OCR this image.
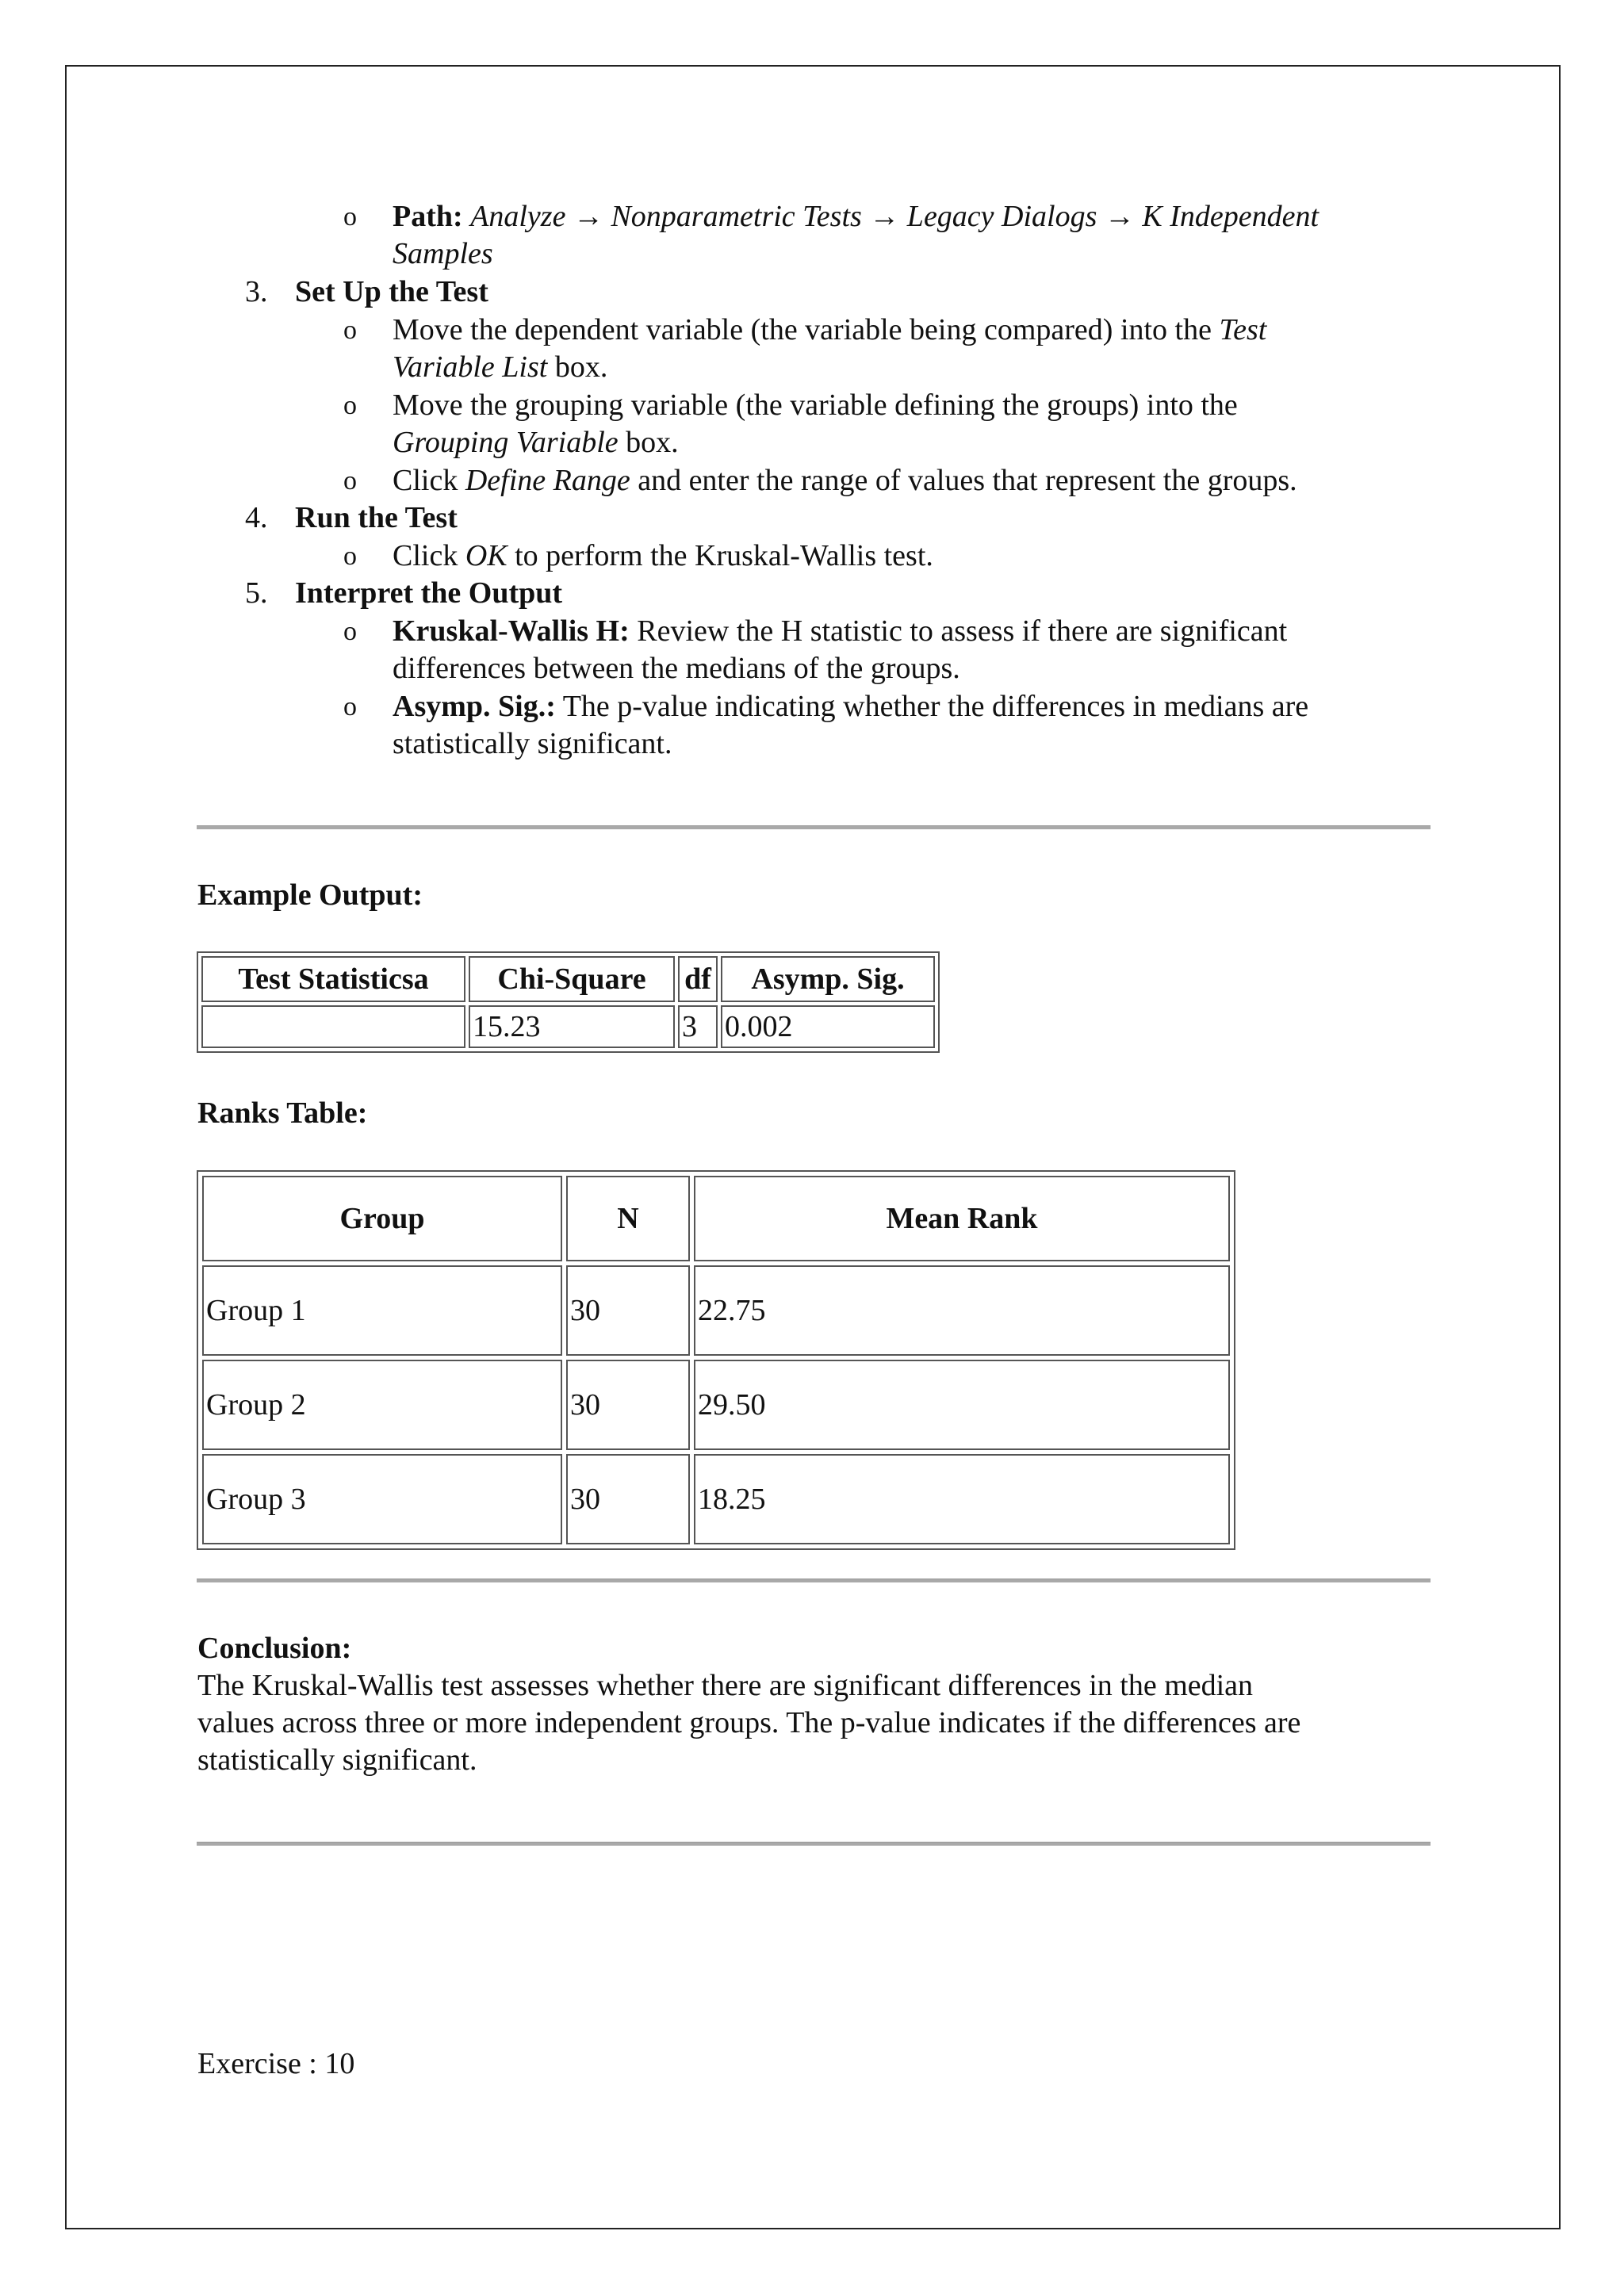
o Path: Analyze → Nonparametric Tests → Legacy Dialogs → K Independent
Samples
3. Set Up the Test
o Move the dependent variable (the variable being compared) into the Test
Variable List box.
o Move the grouping variable (the variable defining the groups) into the
Grouping Variable box.
o Click Define Range and enter the range of values that represent the groups.
4. Run the Test
o Click OK to perform the Kruskal-Wallis test.
5. Interpret the Output
o Kruskal-Wallis H: Review the H statistic to assess if there are significant
differences between the medians of the groups.
o Asymp. Sig.: The p-value indicating whether the differences in medians are
statistically significant.
Example Output:
Test Statisticsa	Chi-Square	df	Asymp. Sig.
	15.23	3	0.002
Ranks Table:
Group	N	Mean Rank
Group 1	30	22.75
Group 2	30	29.50
Group 3	30	18.25
Conclusion:
The Kruskal-Wallis test assesses whether there are significant differences in the median
values across three or more independent groups. The p-value indicates if the differences are
statistically significant.
Exercise : 10
